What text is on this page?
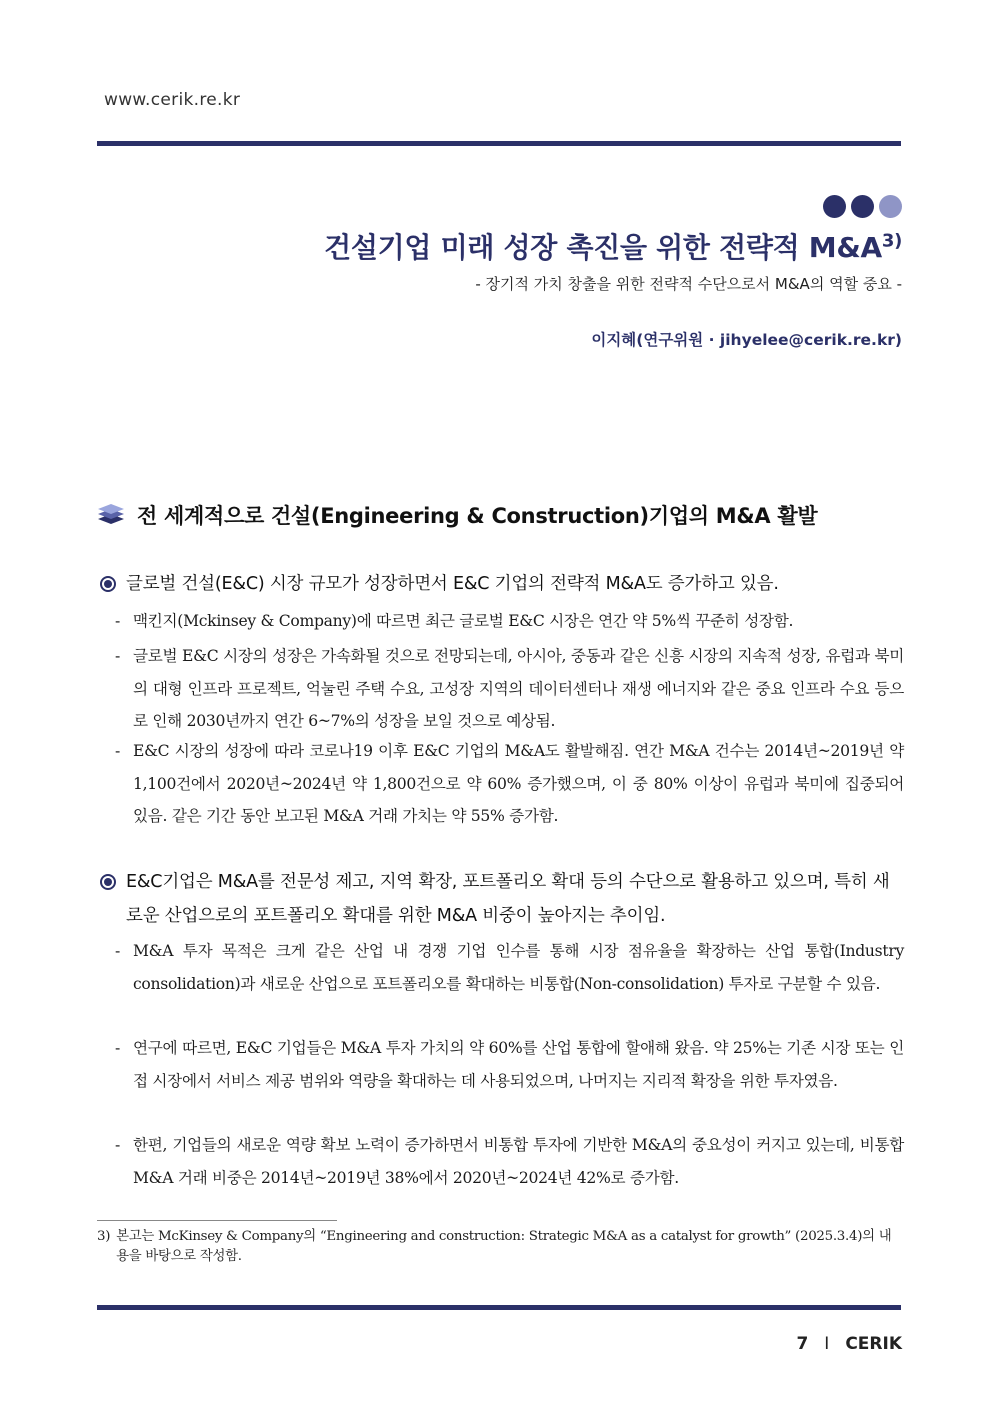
www.cerik.re.kr
건설기업 미래 성장 촉진을 위한 전략적 $M\&A^{3)}$
- 장기적 가치 창출을 위한 전략적 수단으로서 M&A의 역할 중요 -
이지혜(연구위원 · jihyelee@cerik.re.kr)
전 세계적으로 건설(Engineering & Construction)기업의 M&A 활발
글로벌 건설(E&C) 시장 규모가 성장하면서 E&C 기업의 전략적 M&A도 증가하고 있음.
- 맥킨지(Mckinsey & Company)에 따르면 최근 글로벌 E&C 시장은 연간 약 5%씩 꾸준히 성장함.
- 글로벌 E&C 시장의 성장은 가속화될 것으로 전망되는데, 아시아, 중동과 같은 신흥 시장의 지속적 성장, 유럽과 북미의 대형 인프라 프로젝트, 억눌린 주택 수요, 고성장 지역의 데이터센터나 재생 에너지와 같은 중요 인프라 수요 등으로 인해 2030년까지 연간 6~7%의 성장을 보일 것으로 예상됨.
- E&C 시장의 성장에 따라 코로나19 이후 E&C 기업의 M&A도 활발해짐. 연간 M&A 건수는 2014년~2019년 약 1,100건에서 2020년~2024년 약 1,800건으로 약 60% 증가했으며, 이 중 80% 이상이 유럽과 북미에 집중되어 있음. 같은 기간 동안 보고된 M&A 거래 가치는 약 55% 증가함.
E&C기업은 M&A를 전문성 제고, 지역 확장, 포트폴리오 확대 등의 수단으로 활용하고 있으며, 특히 새로운 산업으로의 포트폴리오 확대를 위한 M&A 비중이 높아지는 추이임.
- M&A 투자 목적은 크게 같은 산업 내 경쟁 기업 인수를 통해 시장 점유율을 확장하는 산업 통합(Industry consolidation)과 새로운 산업으로 포트폴리오를 확대하는 비통합(Non-consolidation) 투자로 구분할 수 있음.
- 연구에 따르면, E&C 기업들은 M&A 투자 가치의 약 60%를 산업 통합에 할애해 왔음. 약 25%는 기존 시장 또는 인접 시장에서 서비스 제공 범위와 역량을 확대하는 데 사용되었으며, 나머지는 지리적 확장을 위한 투자였음.
- 한편, 기업들의 새로운 역량 확보 노력이 증가하면서 비통합 투자에 기반한 M&A의 중요성이 커지고 있는데, 비통합 M&A 거래 비중은 2014년~2019년 38%에서 2020년~2024년 42%로 증가함.
3) 본고는 McKinsey & Company의 “Engineering and construction: Strategic M&A as a catalyst for growth” (2025.3.4)의 내용을 바탕으로 작성함.
7 I CERIK
